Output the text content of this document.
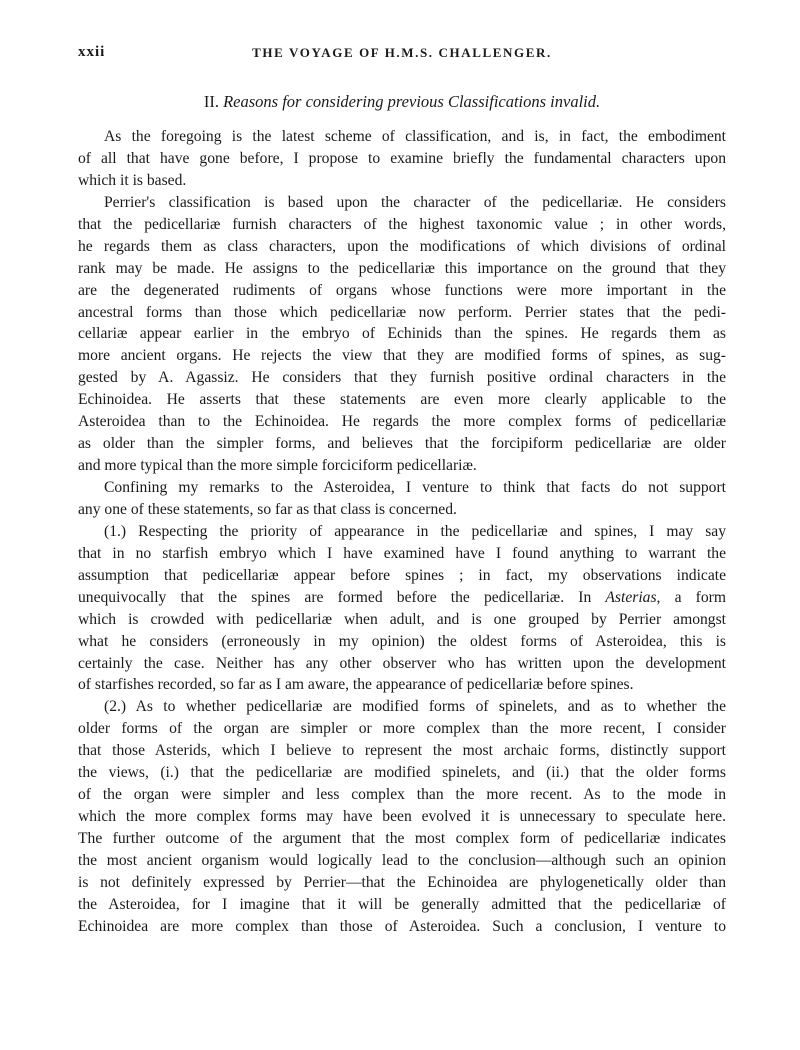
xxii	THE VOYAGE OF H.M.S. CHALLENGER.
II. Reasons for considering previous Classifications invalid.
As the foregoing is the latest scheme of classification, and is, in fact, the embodiment
of all that have gone before, I propose to examine briefly the fundamental characters upon
which it is based.
Perrier's classification is based upon the character of the pedicellariæ. He considers
that the pedicellariæ furnish characters of the highest taxonomic value ; in other words,
he regards them as class characters, upon the modifications of which divisions of ordinal
rank may be made. He assigns to the pedicellariæ this importance on the ground that they
are the degenerated rudiments of organs whose functions were more important in the
ancestral forms than those which pedicellariæ now perform. Perrier states that the pedi-
cellariæ appear earlier in the embryo of Echinids than the spines. He regards them as
more ancient organs. He rejects the view that they are modified forms of spines, as sug-
gested by A. Agassiz. He considers that they furnish positive ordinal characters in the
Echinoidea. He asserts that these statements are even more clearly applicable to the
Asteroidea than to the Echinoidea. He regards the more complex forms of pedicellariæ
as older than the simpler forms, and believes that the forcipiform pedicellariæ are older
and more typical than the more simple forciciform pedicellariæ.
Confining my remarks to the Asteroidea, I venture to think that facts do not support
any one of these statements, so far as that class is concerned.
(1.) Respecting the priority of appearance in the pedicellariæ and spines, I may say
that in no starfish embryo which I have examined have I found anything to warrant the
assumption that pedicellariæ appear before spines ; in fact, my observations indicate
unequivocally that the spines are formed before the pedicellariæ. In Asterias, a form
which is crowded with pedicellariæ when adult, and is one grouped by Perrier amongst
what he considers (erroneously in my opinion) the oldest forms of Asteroidea, this is
certainly the case. Neither has any other observer who has written upon the development
of starfishes recorded, so far as I am aware, the appearance of pedicellariæ before spines.
(2.) As to whether pedicellariæ are modified forms of spinelets, and as to whether the
older forms of the organ are simpler or more complex than the more recent, I consider
that those Asterids, which I believe to represent the most archaic forms, distinctly support
the views, (i.) that the pedicellariæ are modified spinelets, and (ii.) that the older forms
of the organ were simpler and less complex than the more recent. As to the mode in
which the more complex forms may have been evolved it is unnecessary to speculate here.
The further outcome of the argument that the most complex form of pedicellariæ indicates
the most ancient organism would logically lead to the conclusion—although such an opinion
is not definitely expressed by Perrier—that the Echinoidea are phylogenetically older than
the Asteroidea, for I imagine that it will be generally admitted that the pedicellariæ of
Echinoidea are more complex than those of Asteroidea. Such a conclusion, I venture to
